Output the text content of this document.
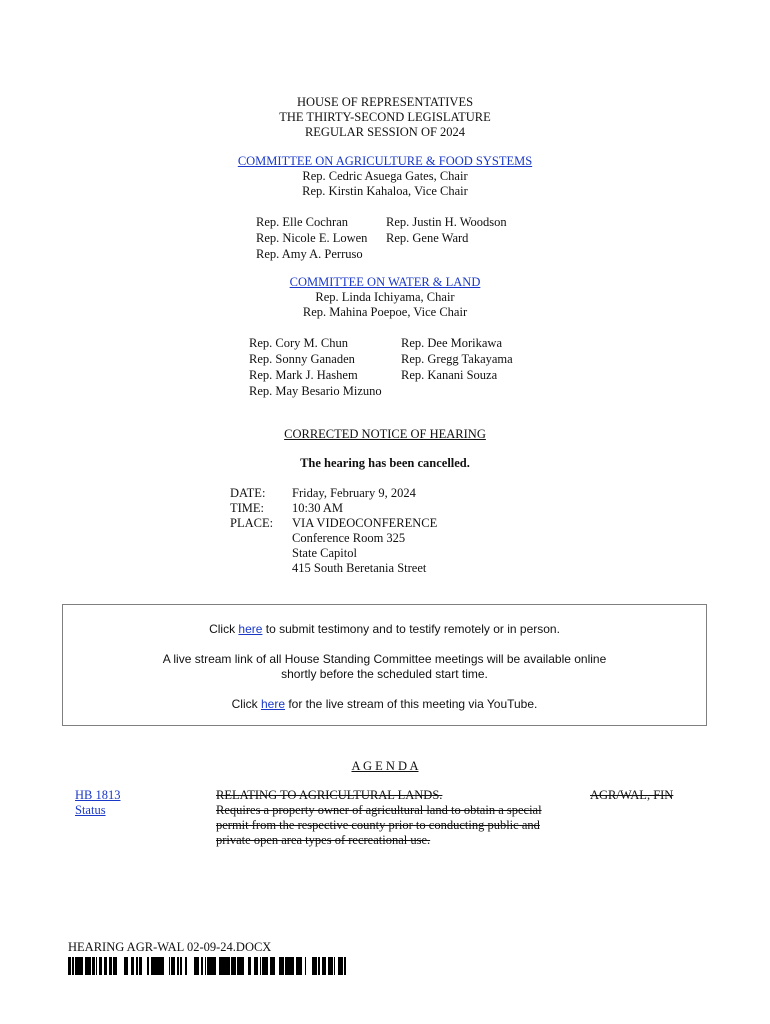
HOUSE OF REPRESENTATIVES
THE THIRTY-SECOND LEGISLATURE
REGULAR SESSION OF 2024
COMMITTEE ON AGRICULTURE & FOOD SYSTEMS
Rep. Cedric Asuega Gates, Chair
Rep. Kirstin Kahaloa, Vice Chair
Rep. Elle Cochran
Rep. Nicole E. Lowen
Rep. Amy A. Perruso
Rep. Justin H. Woodson
Rep. Gene Ward
COMMITTEE ON WATER & LAND
Rep. Linda Ichiyama, Chair
Rep. Mahina Poepoe, Vice Chair
Rep. Cory M. Chun
Rep. Sonny Ganaden
Rep. Mark J. Hashem
Rep. May Besario Mizuno
Rep. Dee Morikawa
Rep. Gregg Takayama
Rep. Kanani Souza
CORRECTED NOTICE OF HEARING
The hearing has been cancelled.
DATE:
TIME:
PLACE:
Friday, February 9, 2024
10:30 AM
VIA VIDEOCONFERENCE
Conference Room 325
State Capitol
415 South Beretania Street

Click here to submit testimony and to testify remotely or in person.

A live stream link of all House Standing Committee meetings will be available online

shortly before the scheduled start time.

Click here for the live stream of this meeting via YouTube.

A G E N D A
HB 1813
Status
RELATING TO AGRICULTURAL LANDS.
Requires a property owner of agricultural land to obtain a special
permit from the respective county prior to conducting public and
private open area types of recreational use.
AGR/WAL, FIN
HEARING AGR-WAL 02-09-24.DOCX
